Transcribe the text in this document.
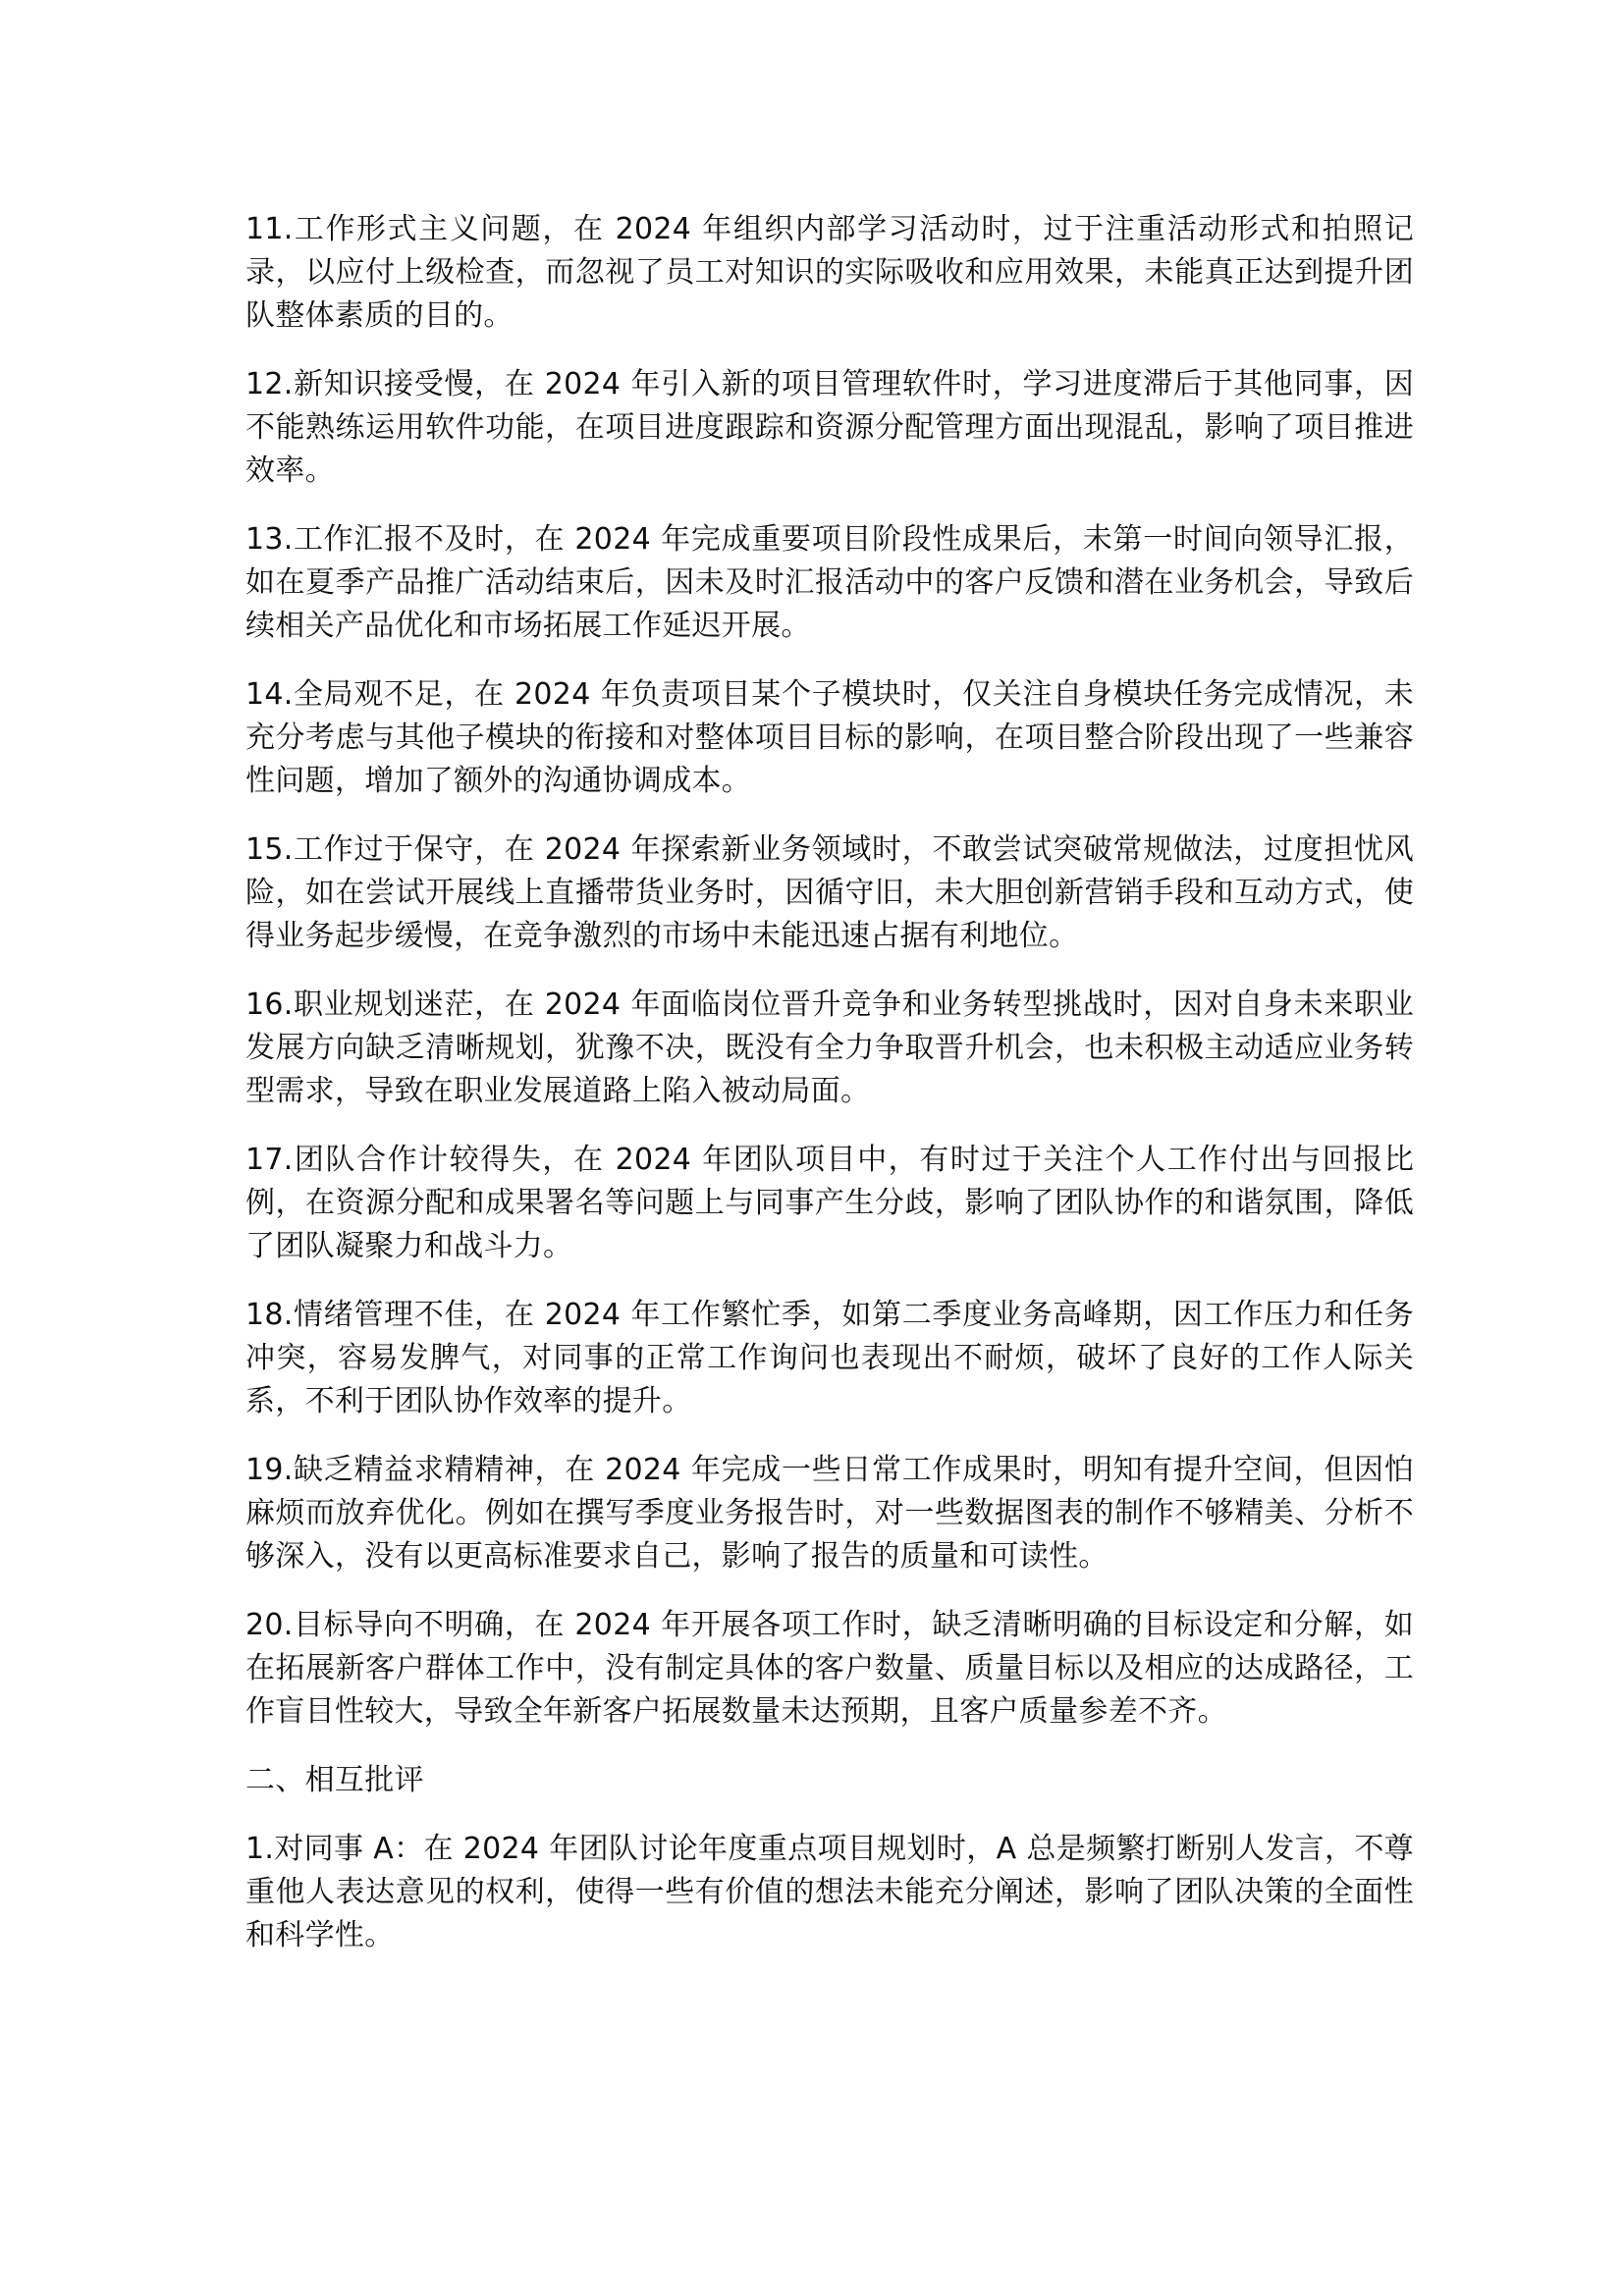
11.工作形式主义问题，在 2024 年组织内部学习活动时，过于注重活动形式和拍照记录，以应付上级检查，而忽视了员工对知识的实际吸收和应用效果，未能真正达到提升团队整体素质的目的。

12.新知识接受慢，在 2024 年引入新的项目管理软件时，学习进度滞后于其他同事，因不能熟练运用软件功能，在项目进度跟踪和资源分配管理方面出现混乱，影响了项目推进效率。

13.工作汇报不及时，在 2024 年完成重要项目阶段性成果后，未第一时间向领导汇报，如在夏季产品推广活动结束后，因未及时汇报活动中的客户反馈和潜在业务机会，导致后续相关产品优化和市场拓展工作延迟开展。

14.全局观不足，在 2024 年负责项目某个子模块时，仅关注自身模块任务完成情况，未充分考虑与其他子模块的衔接和对整体项目目标的影响，在项目整合阶段出现了一些兼容性问题，增加了额外的沟通协调成本。

15.工作过于保守，在 2024 年探索新业务领域时，不敢尝试突破常规做法，过度担忧风险，如在尝试开展线上直播带货业务时，因循守旧，未大胆创新营销手段和互动方式，使得业务起步缓慢，在竞争激烈的市场中未能迅速占据有利地位。

16.职业规划迷茫，在 2024 年面临岗位晋升竞争和业务转型挑战时，因对自身未来职业发展方向缺乏清晰规划，犹豫不决，既没有全力争取晋升机会，也未积极主动适应业务转型需求，导致在职业发展道路上陷入被动局面。

17.团队合作计较得失，在 2024 年团队项目中，有时过于关注个人工作付出与回报比例，在资源分配和成果署名等问题上与同事产生分歧，影响了团队协作的和谐氛围，降低了团队凝聚力和战斗力。

18.情绪管理不佳，在 2024 年工作繁忙季，如第二季度业务高峰期，因工作压力和任务冲突，容易发脾气，对同事的正常工作询问也表现出不耐烦，破坏了良好的工作人际关系，不利于团队协作效率的提升。

19.缺乏精益求精精神，在 2024 年完成一些日常工作成果时，明知有提升空间，但因怕麻烦而放弃优化。例如在撰写季度业务报告时，对一些数据图表的制作不够精美、分析不够深入，没有以更高标准要求自己，影响了报告的质量和可读性。

20.目标导向不明确，在 2024 年开展各项工作时，缺乏清晰明确的目标设定和分解，如在拓展新客户群体工作中，没有制定具体的客户数量、质量目标以及相应的达成路径，工作盲目性较大，导致全年新客户拓展数量未达预期，且客户质量参差不齐。

二、相互批评

1.对同事 A：在 2024 年团队讨论年度重点项目规划时，A 总是频繁打断别人发言，不尊重他人表达意见的权利，使得一些有价值的想法未能充分阐述，影响了团队决策的全面性和科学性。
